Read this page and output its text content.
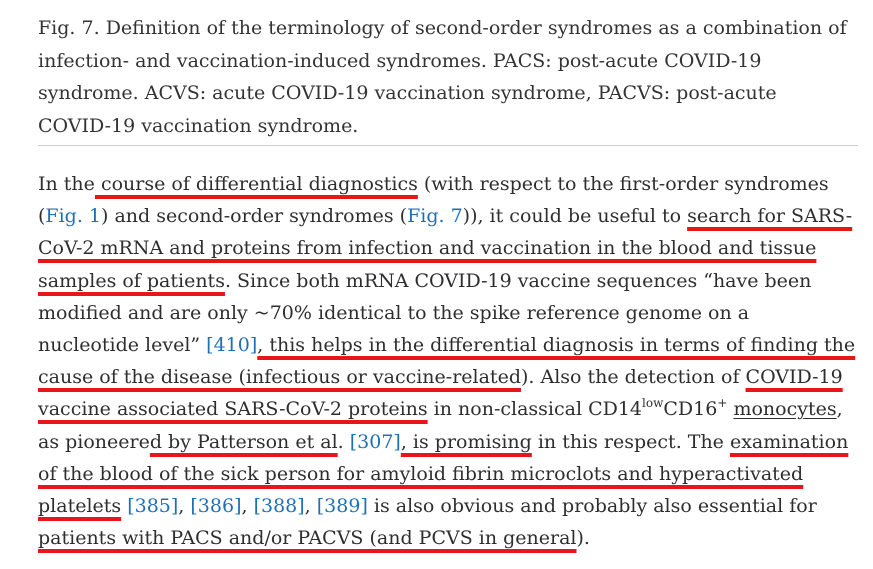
Fig. 7. Definition of the terminology of second-order syndromes as a combination of infection- and vaccination-induced syndromes. PACS: post-acute COVID-19 syndrome. ACVS: acute COVID-19 vaccination syndrome, PACVS: post-acute COVID-19 vaccination syndrome.

In the course of differential diagnostics (with respect to the first-order syndromes (Fig. 1) and second-order syndromes (Fig. 7)), it could be useful to search for SARS-CoV-2 mRNA and proteins from infection and vaccination in the blood and tissue samples of patients. Since both mRNA COVID-19 vaccine sequences “have been modified and are only ~70% identical to the spike reference genome on a nucleotide level” [410], this helps in the differential diagnosis in terms of finding the cause of the disease (infectious or vaccine-related). Also the detection of COVID-19 vaccine associated SARS-CoV-2 proteins in non-classical $CD14^{low}CD16^+$ monocytes, as pioneered by Patterson et al. [307], is promising in this respect. The examination of the blood of the sick person for amyloid fibrin microclots and hyperactivated platelets [385], [386], [388], [389] is also obvious and probably also essential for patients with PACS and/or PACVS (and PCVS in general).
